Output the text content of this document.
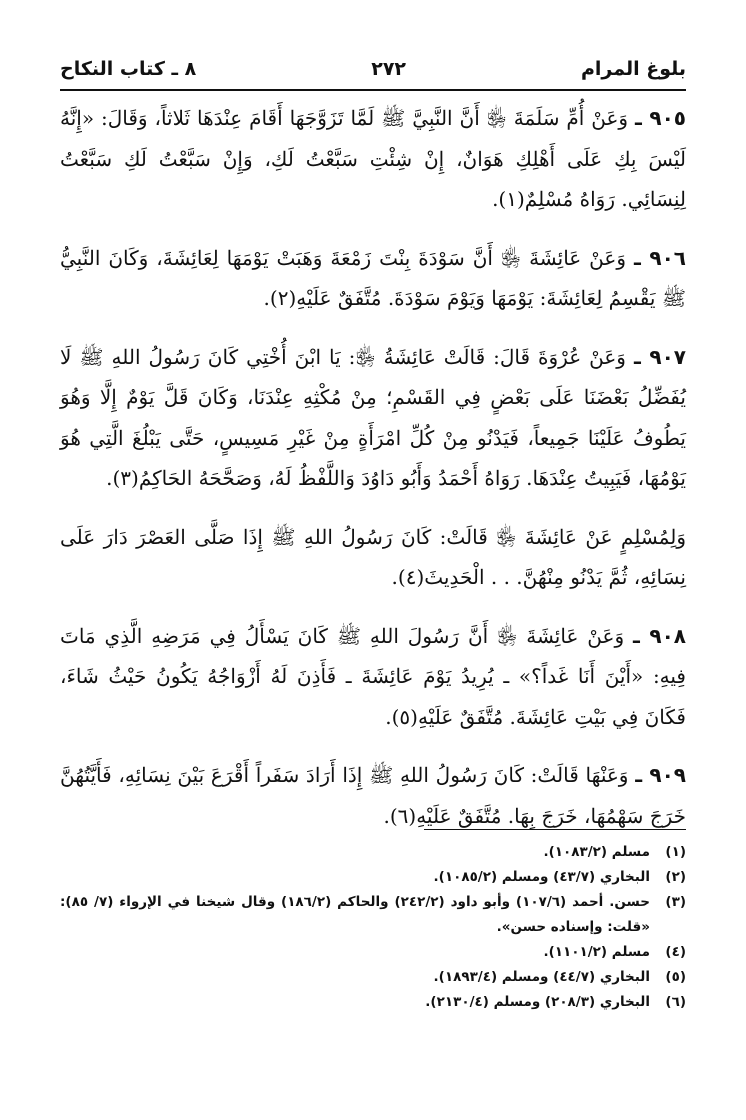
بلوغ المرام
٢٧٢
٨ ـ كتاب النكاح

٩٠٥ ـ وَعَنْ أُمِّ سَلَمَةَ ﵂ أَنَّ النَّبِيَّ ﷺ لَمَّا تَزَوَّجَهَا أَقَامَ عِنْدَهَا ثَلاثاً، وَقَالَ: «إِنَّهُ لَيْسَ بِكِ عَلَى أَهْلِكِ هَوَانٌ، إِنْ شِئْتِ سَبَّعْتُ لَكِ، وَإِنْ سَبَّعْتُ لَكِ سَبَّعْتُ لِنِسَائِي. رَوَاهُ مُسْلِمٌ(١).

٩٠٦ ـ وَعَنْ عَائِشَةَ ﵂ أَنَّ سَوْدَةَ بِنْتَ زَمْعَةَ وَهَبَتْ يَوْمَهَا لِعَائِشَةَ، وَكَانَ النَّبِيُّ ﷺ يَقْسِمُ لِعَائِشَةَ: يَوْمَهَا وَيَوْمَ سَوْدَةَ. مُتَّفَقٌ عَلَيْهِ(٢).

٩٠٧ ـ وَعَنْ عُرْوَةَ قَالَ: قَالَتْ عَائِشَةُ ﵂: يَا ابْنَ أُخْتِي كَانَ رَسُولُ اللهِ ﷺ لَا يُفَضِّلُ بَعْضَنَا عَلَى بَعْضٍ فِي القَسْمِ؛ مِنْ مُكْثِهِ عِنْدَنَا، وَكَانَ قَلَّ يَوْمٌ إِلَّا وَهُوَ يَطُوفُ عَلَيْنَا جَمِيعاً، فَيَدْنُو مِنْ كُلِّ امْرَأَةٍ مِنْ غَيْرِ مَسِيسٍ، حَتَّى يَبْلُغَ الَّتِي هُوَ يَوْمُهَا، فَيَبِيتُ عِنْدَهَا. رَوَاهُ أَحْمَدُ وَأَبُو دَاوُدَ وَاللَّفْظُ لَهُ، وَصَحَّحَهُ الحَاكِمُ(٣).

وَلِمُسْلِمٍ عَنْ عَائِشَةَ ﵂ قَالَتْ: كَانَ رَسُولُ اللهِ ﷺ إِذَا صَلَّى العَصْرَ دَارَ عَلَى نِسَائِهِ، ثُمَّ يَدْنُو مِنْهُنَّ. . . الْحَدِيثَ(٤).

٩٠٨ ـ وَعَنْ عَائِشَةَ ﵂ أَنَّ رَسُولَ اللهِ ﷺ كَانَ يَسْأَلُ فِي مَرَضِهِ الَّذِي مَاتَ فِيهِ: «أَيْنَ أَنَا غَداً؟» ـ يُرِيدُ يَوْمَ عَائِشَةَ ـ فَأَذِنَ لَهُ أَزْوَاجُهُ يَكُونُ حَيْثُ شَاءَ، فَكَانَ فِي بَيْتِ عَائِشَةَ. مُتَّفَقٌ عَلَيْهِ(٥).

٩٠٩ ـ وَعَنْهَا قَالَتْ: كَانَ رَسُولُ اللهِ ﷺ إِذَا أَرَادَ سَفَراً أَقْرَعَ بَيْنَ نِسَائِهِ، فَأَيَّتُهُنَّ خَرَجَ سَهْمُهَا، خَرَجَ بِهَا. مُتَّفَقٌ عَلَيْهِ(٦).

(١)
مسلم (١٠٨٣/٢).
(٢)
البخاري (٤٣/٧) ومسلم (١٠٨٥/٢).
(٣)
حسن. أحمد (١٠٧/٦) وأبو داود (٢٤٢/٢) والحاكم (١٨٦/٢) وقال شيخنا في الإرواء (٧/ ٨٥): «قلت: وإسناده حسن».
(٤)
مسلم (١١٠١/٢).
(٥)
البخاري (٤٤/٧) ومسلم (١٨٩٣/٤).
(٦)
البخاري (٢٠٨/٣) ومسلم (٢١٣٠/٤).
